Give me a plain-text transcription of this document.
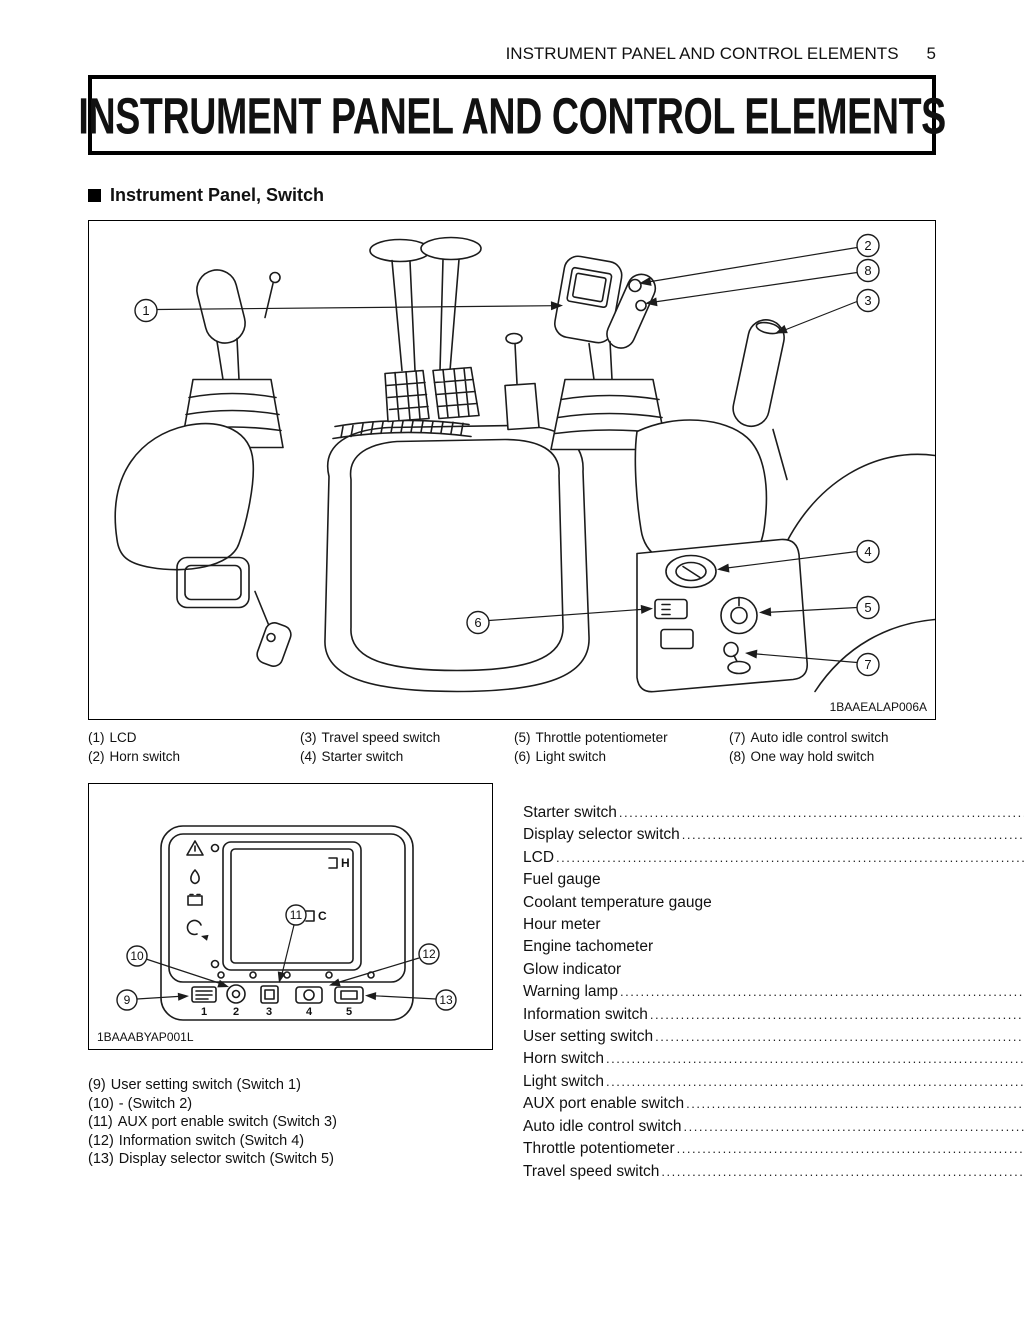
INSTRUMENT PANEL AND CONTROL ELEMENTS 5
INSTRUMENT PANEL AND CONTROL ELEMENTS
Instrument Panel, Switch
1
2
8
3
4
5
6
7
1BAAEALAP006A
(1) LCD
(2) Horn switch
(3) Travel speed switch
(4) Starter switch
(5) Throttle potentiometer
(6) Light switch
(7) Auto idle control switch
(8) One way hold switch
H
C
1 2 3	4	5
10
9
11
12
13
1BAAABYAP001L
(9) User setting switch (Switch 1)
(10) - (Switch 2)
(11) AUX port enable switch (Switch 3)
(12) Information switch (Switch 4)
(13) Display selector switch (Switch 5)
Starter switch
.....
Display selector switch
.....
LCD
.....
Fuel gauge
Coolant temperature gauge
Hour meter
Engine tachometer
Glow indicator
Warning lamp
.....
Information switch
.....
User setting switch
.....
Horn switch
.....
Light switch
.....
AUX port enable switch
.....
Auto idle control switch
.....
Throttle potentiometer
.....
Travel speed switch
.....
